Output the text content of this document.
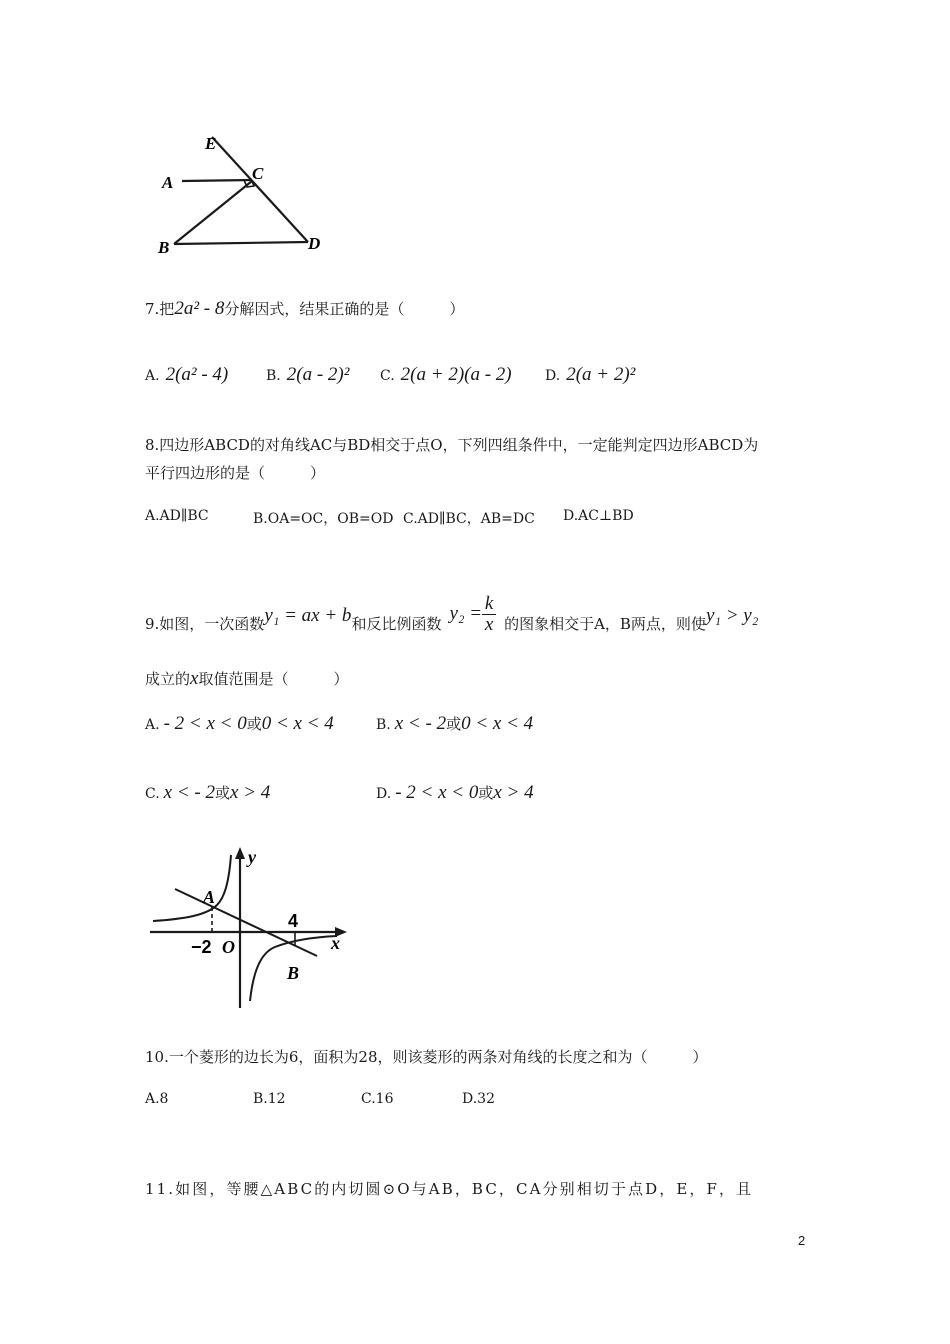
E
A	C
B	D
7.把2a² - 8分解因式，结果正确的是（　　　）
A. 2(a² - 4)	B. 2(a - 2)² C. 2(a + 2)(a - 2) D. 2(a + 2)²
8.四边形ABCD的对角线AC与BD相交于点O，下列四组条件中，一定能判定四边形ABCD为
平行四边形的是（　　　）
A.AD∥BC	B.OA=OC，OB=OD C.AD∥BC，AB=DC D.AC⊥BD
9.如图，一次函数y₁ = ax + b和反比例函数 $y_2 = \frac{k}{x}$ 的图象相交于A，B两点，则使y₁ > y₂
成立的x取值范围是（　　　）
A. - 2 < x < 0或0 < x < 4	B. x < - 2或0 < x < 4
C. x < - 2或x > 4	D. - 2 < x < 0或x > 4
y
x
A
B
O
−2
4
10.一个菱形的边长为6，面积为28，则该菱形的两条对角线的长度之和为（　　　）
A.8	B.12	C.16	D.32
11.如图，等腰△ABC的内切圆⊙O与AB，BC，CA分别相切于点D，E，F，且
2
